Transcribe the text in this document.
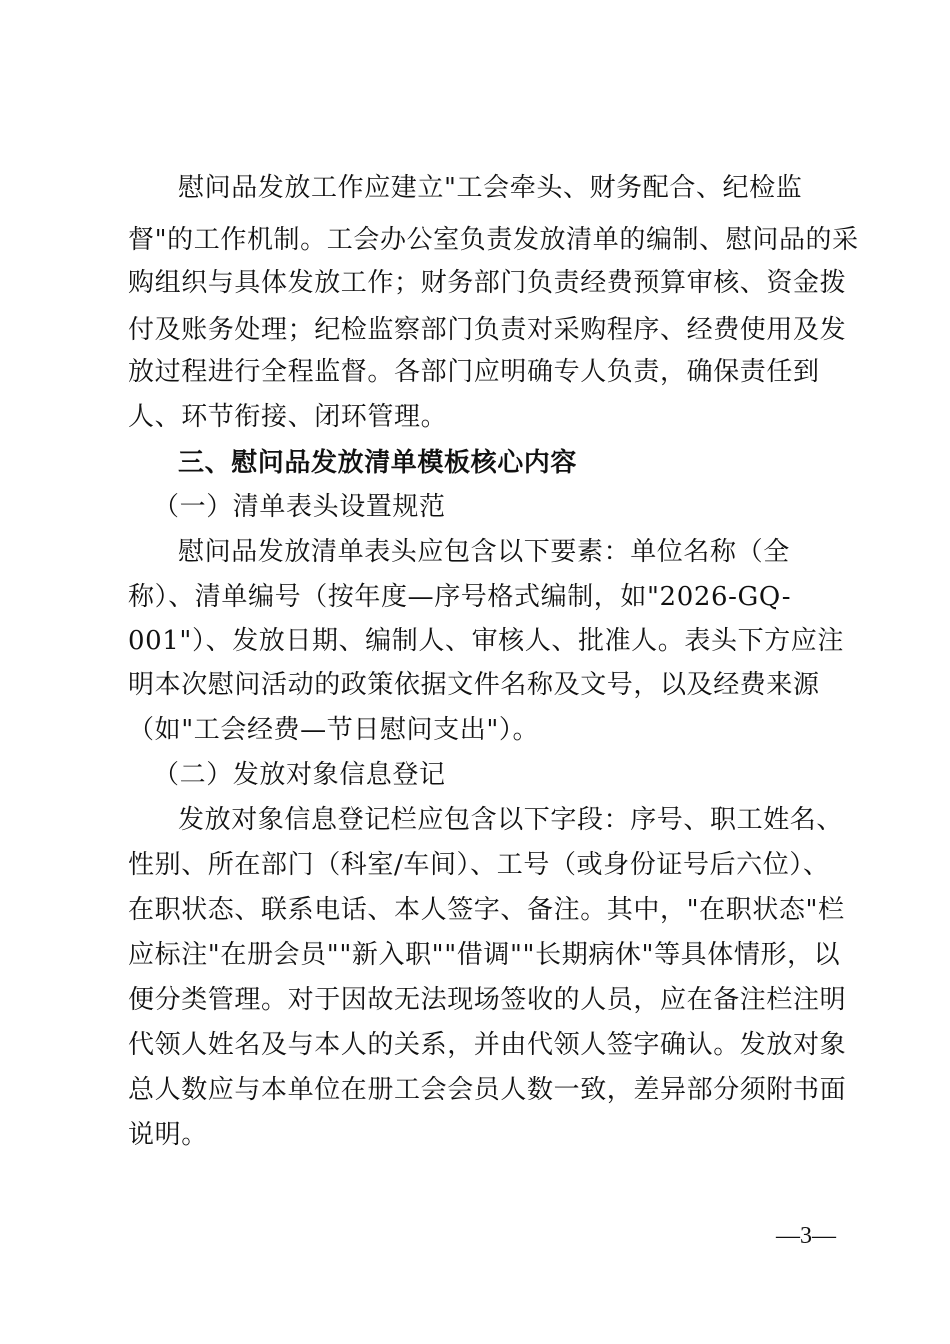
慰问品发放工作应建立"工会牵头、财务配合、纪检监
督"的工作机制。工会办公室负责发放清单的编制、慰问品的采
购组织与具体发放工作；财务部门负责经费预算审核、资金拨
付及账务处理；纪检监察部门负责对采购程序、经费使用及发
放过程进行全程监督。各部门应明确专人负责，确保责任到
人、环节衔接、闭环管理。
三、慰问品发放清单模板核心内容
（一）清单表头设置规范
慰问品发放清单表头应包含以下要素：单位名称（全
称）、清单编号（按年度—序号格式编制，如"2026-GQ-
001"）、发放日期、编制人、审核人、批准人。表头下方应注
明本次慰问活动的政策依据文件名称及文号，以及经费来源
（如"工会经费—节日慰问支出"）。
（二）发放对象信息登记
发放对象信息登记栏应包含以下字段：序号、职工姓名、
性别、所在部门（科室/车间）、工号（或身份证号后六位）、
在职状态、联系电话、本人签字、备注。其中，"在职状态"栏
应标注"在册会员""新入职""借调""长期病休"等具体情形，以
便分类管理。对于因故无法现场签收的人员，应在备注栏注明
代领人姓名及与本人的关系，并由代领人签字确认。发放对象
总人数应与本单位在册工会会员人数一致，差异部分须附书面
说明。
—3—
